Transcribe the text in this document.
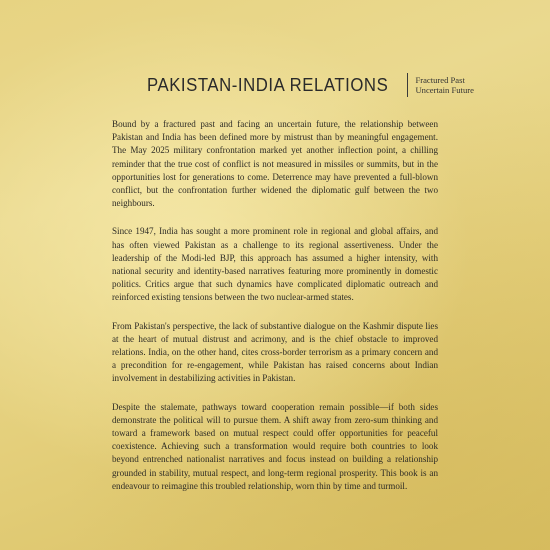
PAKISTAN-INDIA RELATIONS	Fractured Past
Uncertain Future

Bound by a fractured past and facing an uncertain future, the relationship between Pakistan and India has been defined more by mistrust than by meaningful engagement. The May 2025 military confrontation marked yet another inflection point, a chilling reminder that the true cost of conflict is not measured in missiles or summits, but in the opportunities lost for generations to come. Deterrence may have prevented a full-blown conflict, but the confrontation further widened the diplomatic gulf between the two neighbours.

Since 1947, India has sought a more prominent role in regional and global affairs, and has often viewed Pakistan as a challenge to its regional assertiveness. Under the leadership of the Modi-led BJP, this approach has assumed a higher intensity, with national security and identity-based narratives featuring more prominently in domestic politics. Critics argue that such dynamics have complicated diplomatic outreach and reinforced existing tensions between the two nuclear-armed states.

From Pakistan's perspective, the lack of substantive dialogue on the Kashmir dispute lies at the heart of mutual distrust and acrimony, and is the chief obstacle to improved relations. India, on the other hand, cites cross-border terrorism as a primary concern and a precondition for re-engagement, while Pakistan has raised concerns about Indian involvement in destabilizing activities in Pakistan.

Despite the stalemate, pathways toward cooperation remain possible—if both sides demonstrate the political will to pursue them. A shift away from zero-sum thinking and toward a framework based on mutual respect could offer opportunities for peaceful coexistence. Achieving such a transformation would require both countries to look beyond entrenched nationalist narratives and focus instead on building a relationship grounded in stability, mutual respect, and long-term regional prosperity. This book is an endeavour to reimagine this troubled relationship, worn thin by time and turmoil.
